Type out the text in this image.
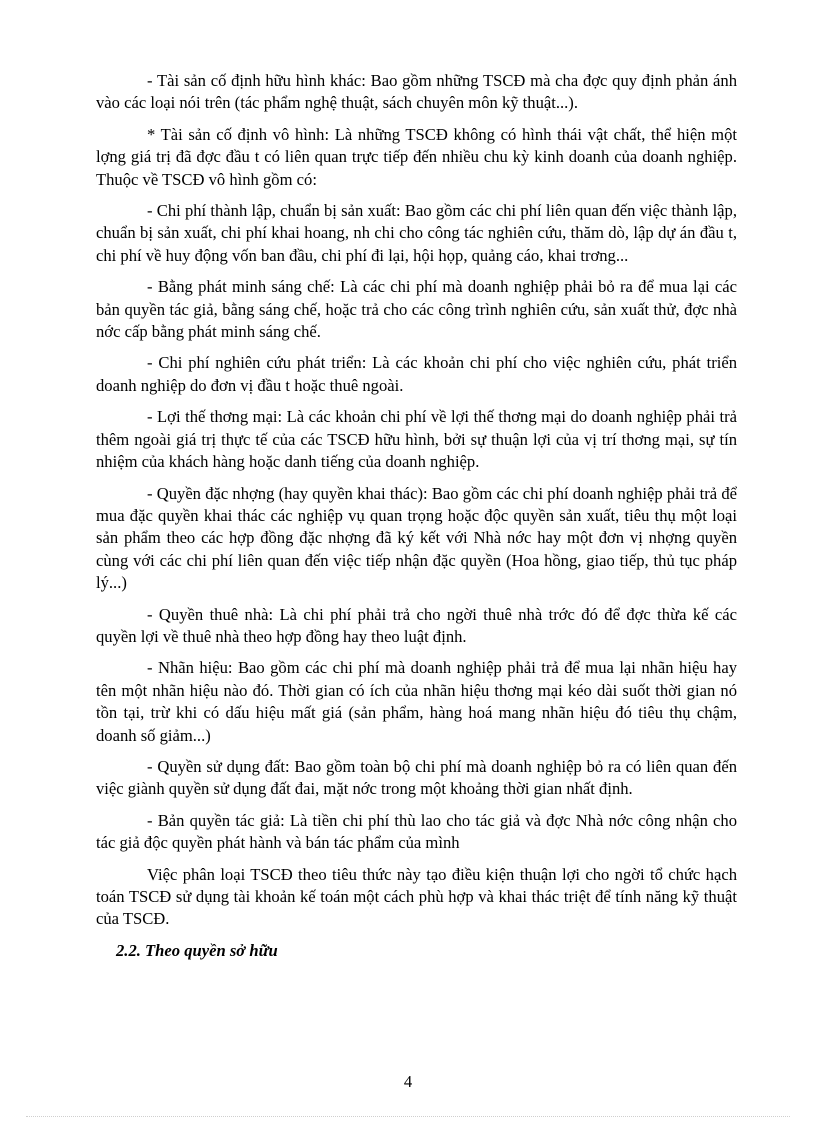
- Tài sản cố định hữu hình khác: Bao gồm những TSCĐ mà cha đợc quy định phản ánh vào các loại nói trên (tác phẩm nghệ thuật, sách chuyên môn kỹ thuật...).

* Tài sản cố định vô hình: Là những TSCĐ không có hình thái vật chất, thể hiện một lợng giá trị đã đợc đầu t có liên quan trực tiếp đến nhiều chu kỳ kinh doanh của doanh nghiệp. Thuộc về TSCĐ vô hình gồm có:

- Chi phí thành lập, chuẩn bị sản xuất: Bao gồm các chi phí liên quan đến việc thành lập, chuẩn bị sản xuất, chi phí khai hoang, nh chi cho công tác nghiên cứu, thăm dò, lập dự án đầu t, chi phí về huy động vốn ban đầu, chi phí đi lại, hội họp, quảng cáo, khai trơng...

- Bằng phát minh sáng chế: Là các chi phí mà doanh nghiệp phải bỏ ra để mua lại các bản quyền tác giả, bằng sáng chế, hoặc trả cho các công trình nghiên cứu, sản xuất thử, đợc nhà nớc cấp bằng phát minh sáng chế.

- Chi phí nghiên cứu phát triển: Là các khoản chi phí cho việc nghiên cứu, phát triển doanh nghiệp do đơn vị đầu t hoặc thuê ngoài.

- Lợi thế thơng mại: Là các khoản chi phí về lợi thế thơng mại do doanh nghiệp phải trả thêm ngoài giá trị thực tế của các TSCĐ hữu hình, bởi sự thuận lợi của vị trí thơng mại, sự tín nhiệm của khách hàng hoặc danh tiếng của doanh nghiệp.

- Quyền đặc nhợng (hay quyền khai thác): Bao gồm các chi phí doanh nghiệp phải trả để mua đặc quyền khai thác các nghiệp vụ quan trọng hoặc độc quyền sản xuất, tiêu thụ một loại sản phẩm theo các hợp đồng đặc nhợng đã ký kết với Nhà nớc hay một đơn vị nhợng quyền cùng với các chi phí liên quan đến việc tiếp nhận đặc quyền (Hoa hồng, giao tiếp, thủ tục pháp lý...)

- Quyền thuê nhà: Là chi phí phải trả cho ngời thuê nhà trớc đó để đợc thừa kế các quyền lợi về thuê nhà theo hợp đồng hay theo luật định.

- Nhãn hiệu: Bao gồm các chi phí mà doanh nghiệp phải trả để mua lại nhãn hiệu hay tên một nhãn hiệu nào đó. Thời gian có ích của nhãn hiệu thơng mại kéo dài suốt thời gian nó tồn tại, trừ khi có dấu hiệu mất giá (sản phẩm, hàng hoá mang nhãn hiệu đó tiêu thụ chậm, doanh số giảm...)

- Quyền sử dụng đất: Bao gồm toàn bộ chi phí mà doanh nghiệp bỏ ra có liên quan đến việc giành quyền sử dụng đất đai, mặt nớc trong một khoảng thời gian nhất định.

- Bản quyền tác giả: Là tiền chi phí thù lao cho tác giả và đợc Nhà nớc công nhận cho tác giả độc quyền phát hành và bán tác phẩm của mình

Việc phân loại TSCĐ theo tiêu thức này tạo điều kiện thuận lợi cho ngời tổ chức hạch toán TSCĐ sử dụng tài khoản kế toán một cách phù hợp và khai thác triệt để tính năng kỹ thuật của TSCĐ.

2.2. Theo quyền sở hữu

4
